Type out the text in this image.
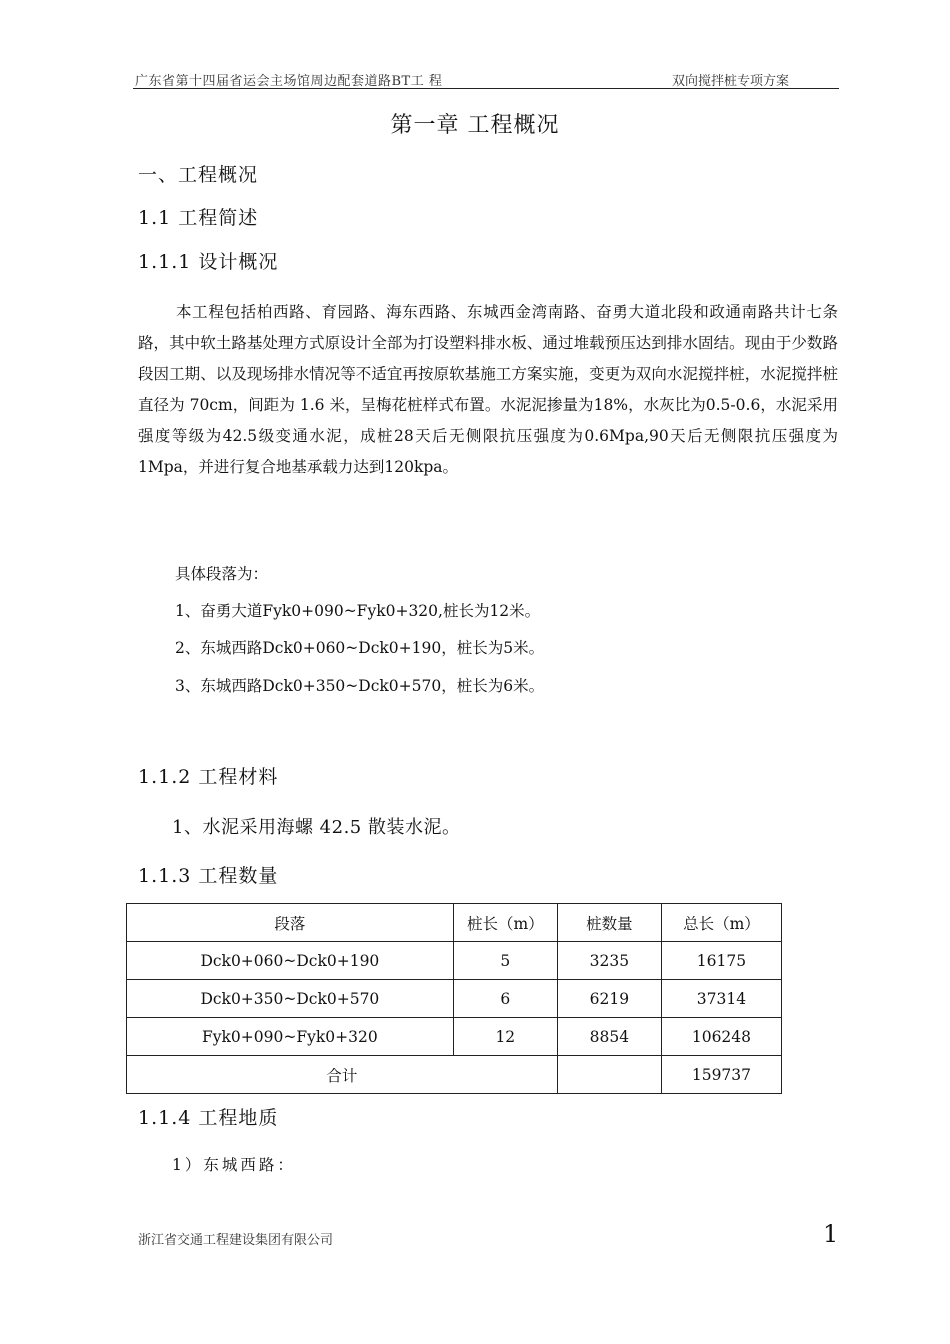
广东省第十四届省运会主场馆周边配套道路BT工 程	双向搅拌桩专项方案
第一章 工程概况
一、工程概况
1.1 工程简述
1.1.1 设计概况
本工程包括柏西路、育园路、海东西路、东城西金湾南路、奋勇大道北段和政通南路共计七条路，其中软土路基处理方式原设计全部为打设塑料排水板、通过堆载预压达到排水固结。现由于少数路段因工期、以及现场排水情况等不适宜再按原软基施工方案实施，变更为双向水泥搅拌桩，水泥搅拌桩直径为 70cm，间距为 1.6 米，呈梅花桩样式布置。水泥泥掺量为18%，水灰比为0.5-0.6，水泥采用强度等级为42.5级变通水泥，成桩28天后无侧限抗压强度为0.6Mpa,90天后无侧限抗压强度为1Mpa，并进行复合地基承载力达到120kpa。
具体段落为：
1、奋勇大道Fyk0+090~Fyk0+320,桩长为12米。
2、东城西路Dck0+060~Dck0+190，桩长为5米。
3、东城西路Dck0+350~Dck0+570，桩长为6米。
1.1.2 工程材料
1、水泥采用海螺 42.5 散装水泥。
1.1.3 工程数量
段落	桩长（m）	桩数量	总长（m）
Dck0+060~Dck0+190	5	3235	16175
Dck0+350~Dck0+570	6	6219	37314
Fyk0+090~Fyk0+320	12	8854	106248
合计			159737
1.1.4 工程地质
1）东城西路：
浙江省交通工程建设集团有限公司	1
